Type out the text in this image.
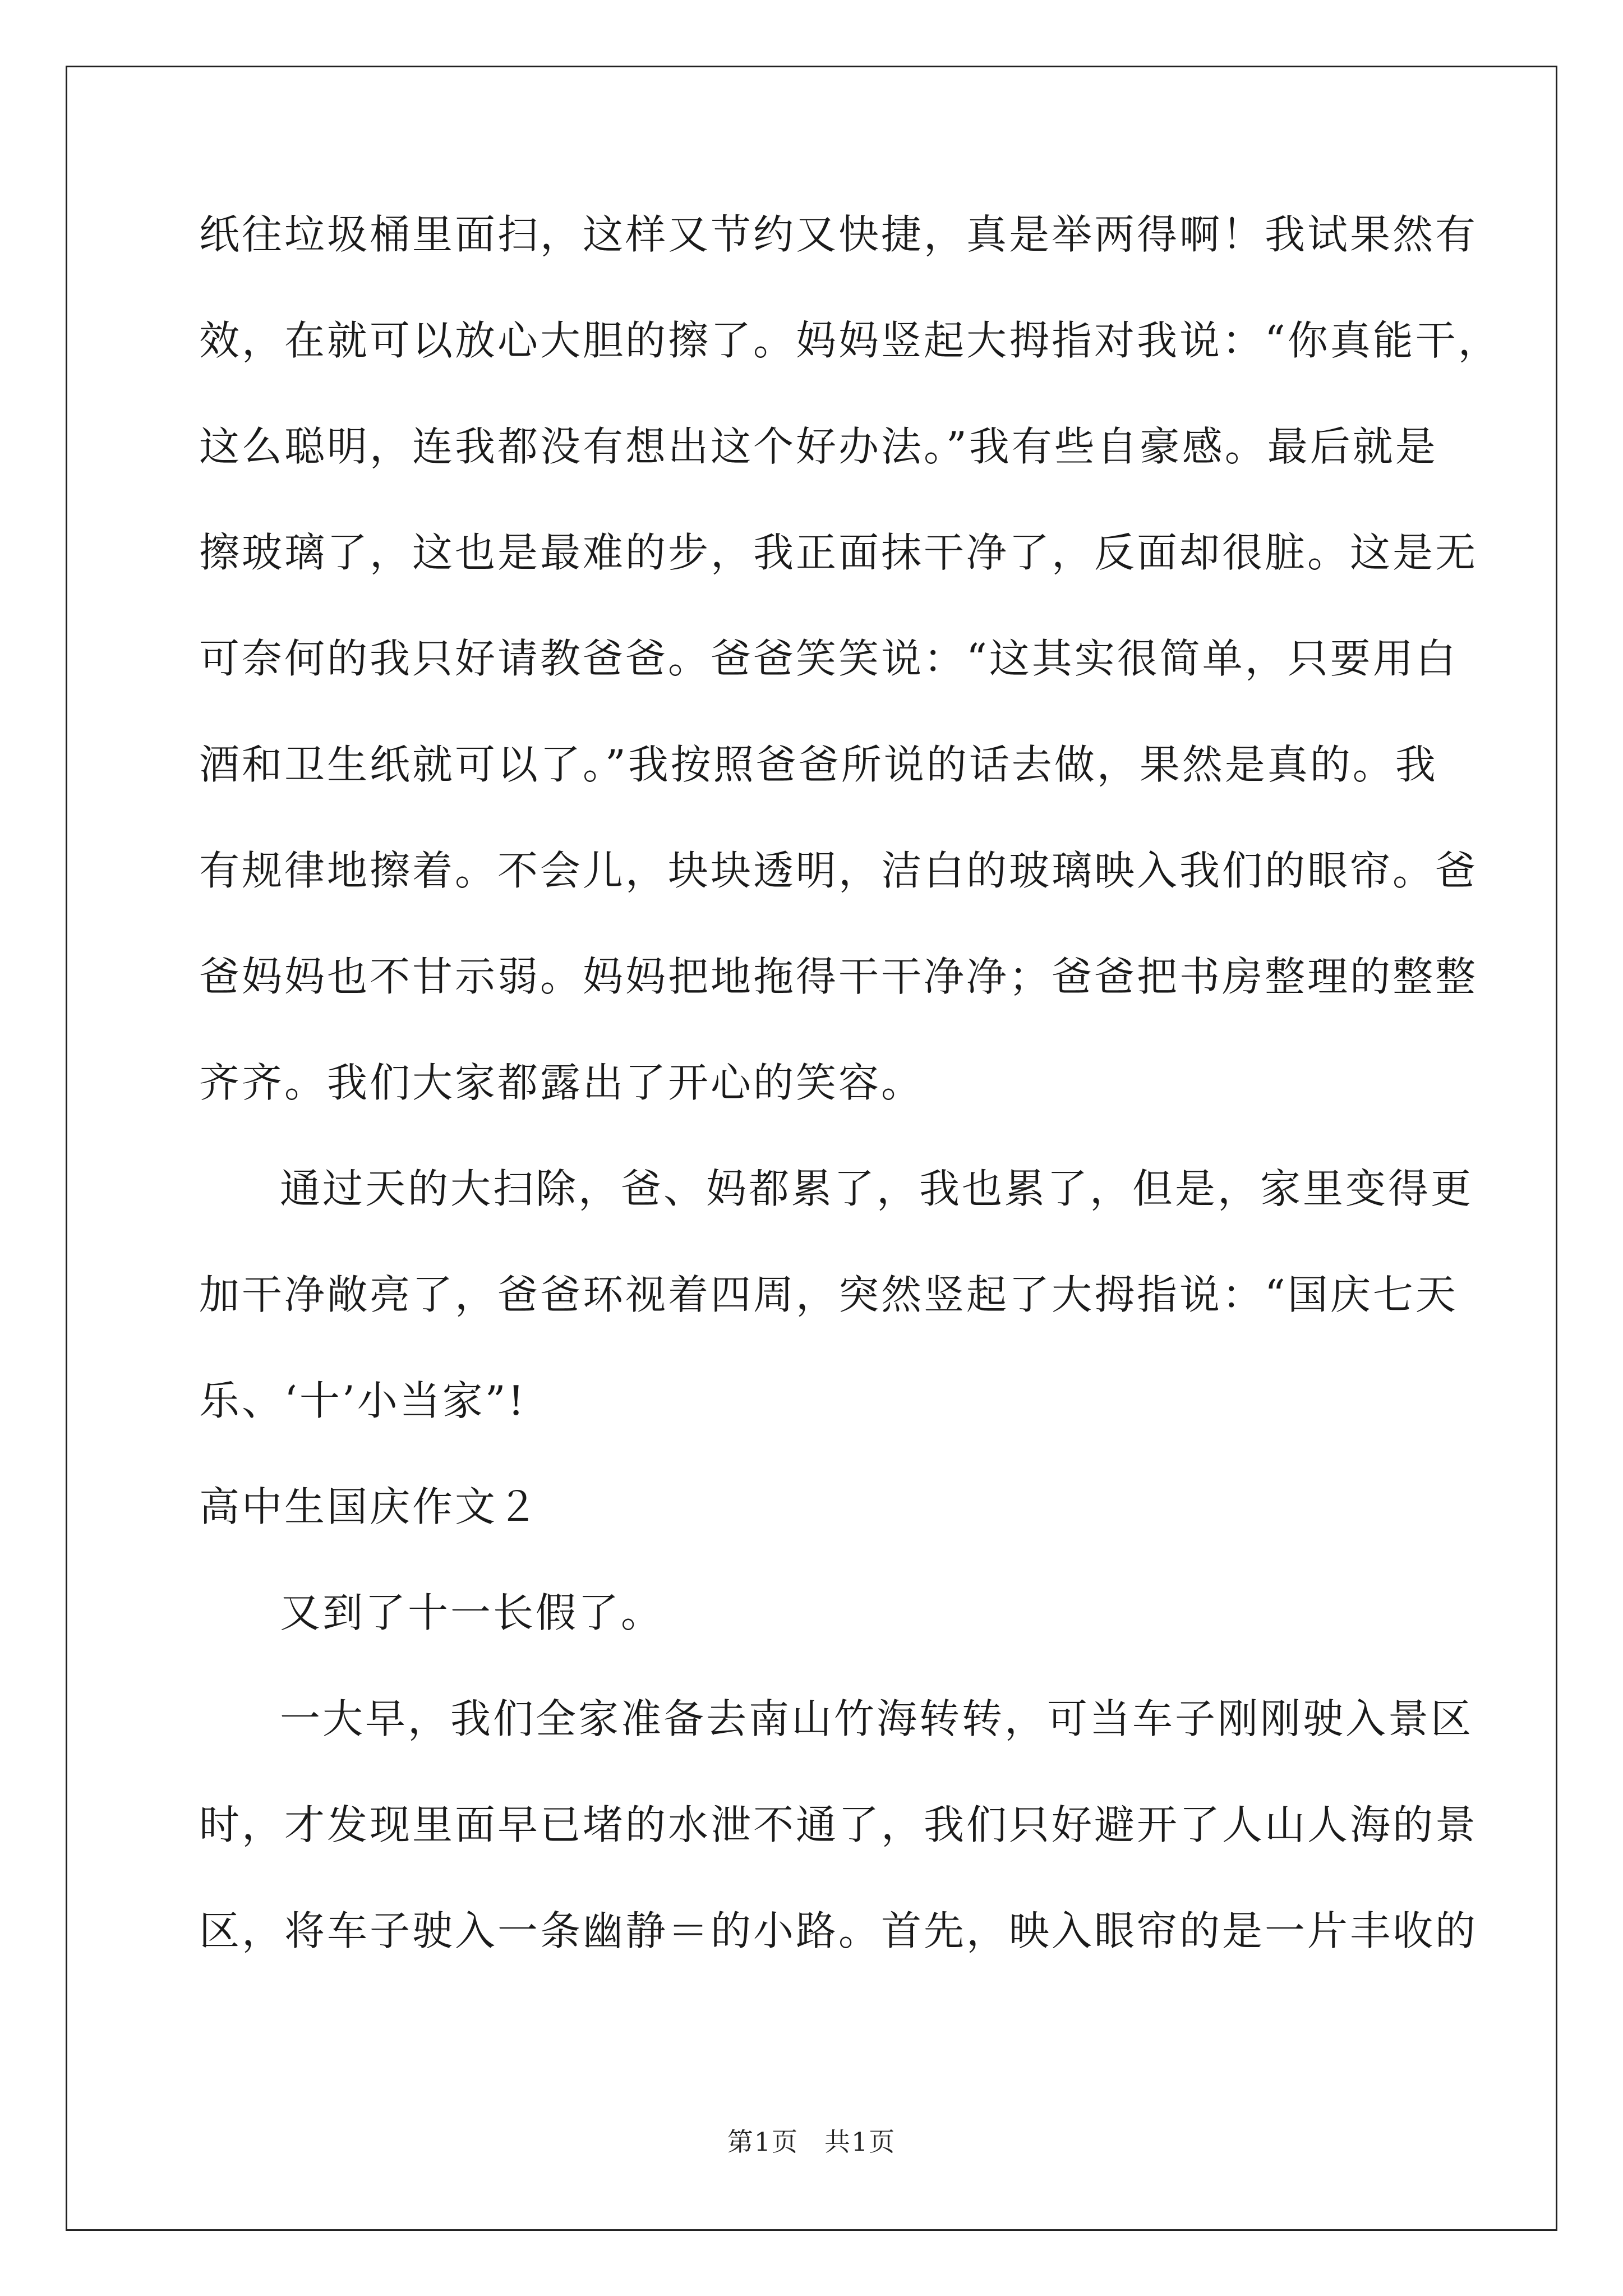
纸往垃圾桶里面扫，这样又节约又快捷，真是举两得啊！我试果然有
效，在就可以放心大胆的擦了。妈妈竖起大拇指对我说：“你真能干，
这么聪明，连我都没有想出这个好办法。”我有些自豪感。最后就是
擦玻璃了，这也是最难的步，我正面抹干净了，反面却很脏。这是无
可奈何的我只好请教爸爸。爸爸笑笑说：“这其实很简单，只要用白
酒和卫生纸就可以了。”我按照爸爸所说的话去做，果然是真的。我
有规律地擦着。不会儿，块块透明，洁白的玻璃映入我们的眼帘。爸
爸妈妈也不甘示弱。妈妈把地拖得干干净净；爸爸把书房整理的整整
齐齐。我们大家都露出了开心的笑容。
通过天的大扫除，爸、妈都累了，我也累了，但是，家里变得更
加干净敞亮了，爸爸环视着四周，突然竖起了大拇指说：“国庆七天
乐、‘十’小当家”!
高中生国庆作文２
又到了十一长假了。
一大早，我们全家准备去南山竹海转转，可当车子刚刚驶入景区
时，才发现里面早已堵的水泄不通了，我们只好避开了人山人海的景
区，将车子驶入一条幽静＝的小路。首先，映入眼帘的是一片丰收的
第1页 共1页
